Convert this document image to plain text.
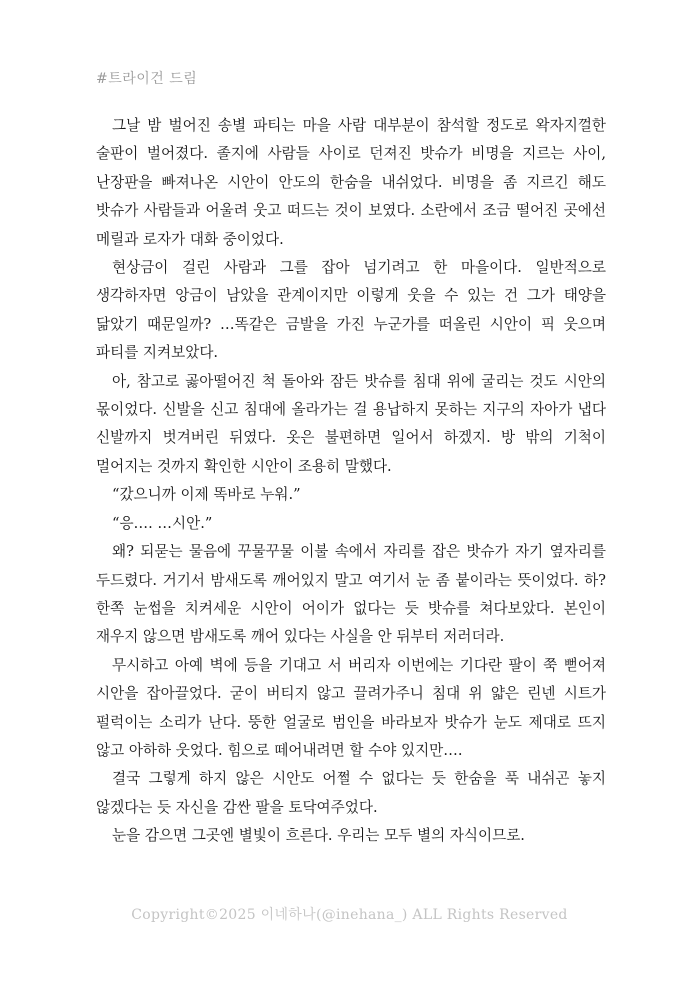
#트라이건 드림

그날 밤 벌어진 송별 파티는 마을 사람 대부분이 참석할 정도로 왁자지껄한 술판이 벌어졌다. 졸지에 사람들 사이로 던져진 밧슈가 비명을 지르는 사이, 난장판을 빠져나온 시안이 안도의 한숨을 내쉬었다. 비명을 좀 지르긴 해도 밧슈가 사람들과 어울려 웃고 떠드는 것이 보였다. 소란에서 조금 떨어진 곳에선 메릴과 로자가 대화 중이었다.

현상금이 걸린 사람과 그를 잡아 넘기려고 한 마을이다. 일반적으로 생각하자면 앙금이 남았을 관계이지만 이렇게 웃을 수 있는 건 그가 태양을 닮았기 때문일까? …똑같은 금발을 가진 누군가를 떠올린 시안이 픽 웃으며 파티를 지켜보았다.

아, 참고로 곯아떨어진 척 돌아와 잠든 밧슈를 침대 위에 굴리는 것도 시안의 몫이었다. 신발을 신고 침대에 올라가는 걸 용납하지 못하는 지구의 자아가 냅다 신발까지 벗겨버린 뒤였다. 옷은 불편하면 일어서 하겠지. 방 밖의 기척이 멀어지는 것까지 확인한 시안이 조용히 말했다.

“갔으니까 이제 똑바로 누워.”

“응…. …시안.”

왜? 되묻는 물음에 꾸물꾸물 이불 속에서 자리를 잡은 밧슈가 자기 옆자리를 두드렸다. 거기서 밤새도록 깨어있지 말고 여기서 눈 좀 붙이라는 뜻이었다. 하? 한쪽 눈썹을 치켜세운 시안이 어이가 없다는 듯 밧슈를 쳐다보았다. 본인이 재우지 않으면 밤새도록 깨어 있다는 사실을 안 뒤부터 저러더라.

무시하고 아예 벽에 등을 기대고 서 버리자 이번에는 기다란 팔이 쭉 뻗어져 시안을 잡아끌었다. 굳이 버티지 않고 끌려가주니 침대 위 얇은 린넨 시트가 펄럭이는 소리가 난다. 뚱한 얼굴로 범인을 바라보자 밧슈가 눈도 제대로 뜨지 않고 아하하 웃었다. 힘으로 떼어내려면 할 수야 있지만….

결국 그렇게 하지 않은 시안도 어쩔 수 없다는 듯 한숨을 푹 내쉬곤 놓지 않겠다는 듯 자신을 감싼 팔을 토닥여주었다.

눈을 감으면 그곳엔 별빛이 흐른다. 우리는 모두 별의 자식이므로.

Copyright©2025 이네하나(@inehana_) ALL Rights Reserved
